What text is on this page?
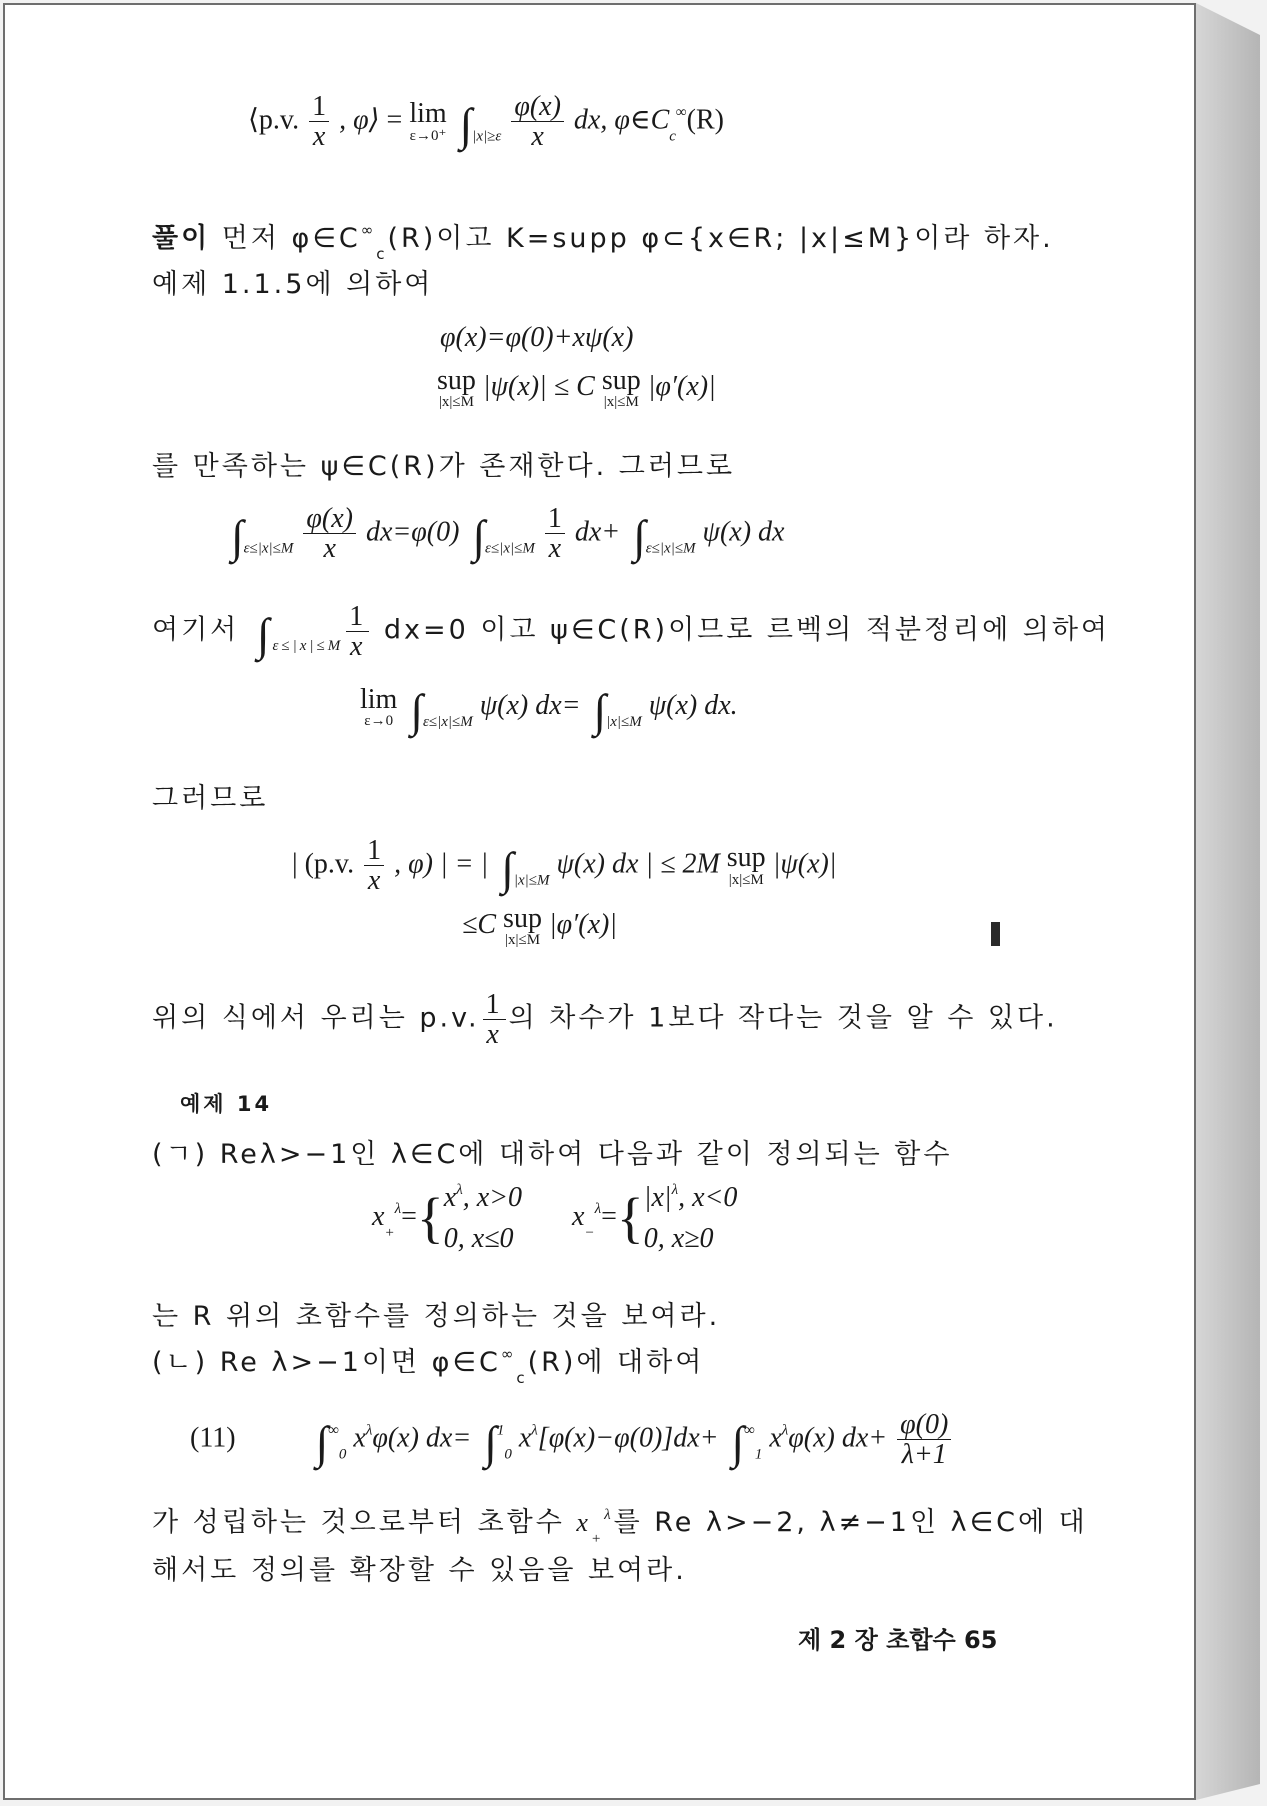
⟨p.v. $\frac{1}{x}$ , φ⟩ = lim
ε→0⁺ $\int_{|x|\ge\varepsilon} \frac{\varphi(x)}{x}$ dx, $\varphi\in C_c^\infty(R)$
풀이 먼저 $\varphi\in C^\infty_c(R)$이고 K=supp φ⊂{x∈R; |x|≤M}이라 하자.
예제 1.1.5에 의하여
φ(x)=φ(0)+xψ(x)
sup
|x|≤M
|ψ(x)| ≤ C sup
|x|≤M
|φ′(x)|
를 만족하는 ψ∈C(R)가 존재한다. 그러므로
$\int_{\varepsilon\le|x|\le M} \frac{\varphi(x)}{x} dx=\varphi(0)$ $\int_{\varepsilon\le|x|\le M} \frac{1}{x} dx+ \int_{\varepsilon\le|x|\le M}$ ψ(x) dx
여기서 $\int_{\varepsilon\le|x|\le M} \frac{1}{x} dx=0$ 이고 ψ∈C(R)이므로 르벡의 적분정리에 의하여
lim
ε→0 $\int_{\varepsilon\le|x|\le M}$ ψ(x) $dx= \int_{|x|\le M}$ ψ(x) dx.
그러므로
| (p.v. $\frac{1}{x}$ , φ) | = | $\int_{|x|\le M}$ ψ(x) dx | ≤ 2M sup
|x|≤M
|ψ(x)|
≤C sup
|x|≤M
|φ′(x)|
위의 식에서 우리는 p.v. $\frac{1}{x}$ 의 차수가 1보다 작다는 것을 알 수 있다.
예제 14
(ㄱ) Reλ>−1인 λ∈C에 대하여 다음과 같이 정의되는 함수
$x_+^\lambda=${ $x^\lambda$, x>0
0, x≤0
$x_-^\lambda=${ $|x|^\lambda$, x<0
0, x≥0
는 R 위의 초함수를 정의하는 것을 보여라.
(ㄴ) Re λ>−1이면 $\varphi\in C^\infty_c(R)$에 대하여
(11) $\int^\infty_0$ $x^\lambda\varphi(x)$ dx= ∫$^1_0$ $x^\lambda[\varphi(x)-\varphi(0)]dx+ \int^\infty_1$ $x^\lambda\varphi(x)$ $dx+ \frac{\varphi(0)}{\lambda+1}$
가 성립하는 것으로부터 초함수 $x_+^\lambda$를 Re λ>−2, λ≠−1인 λ∈C에 대
해서도 정의를 확장할 수 있음을 보여라.
제 2 장 초합수 65
